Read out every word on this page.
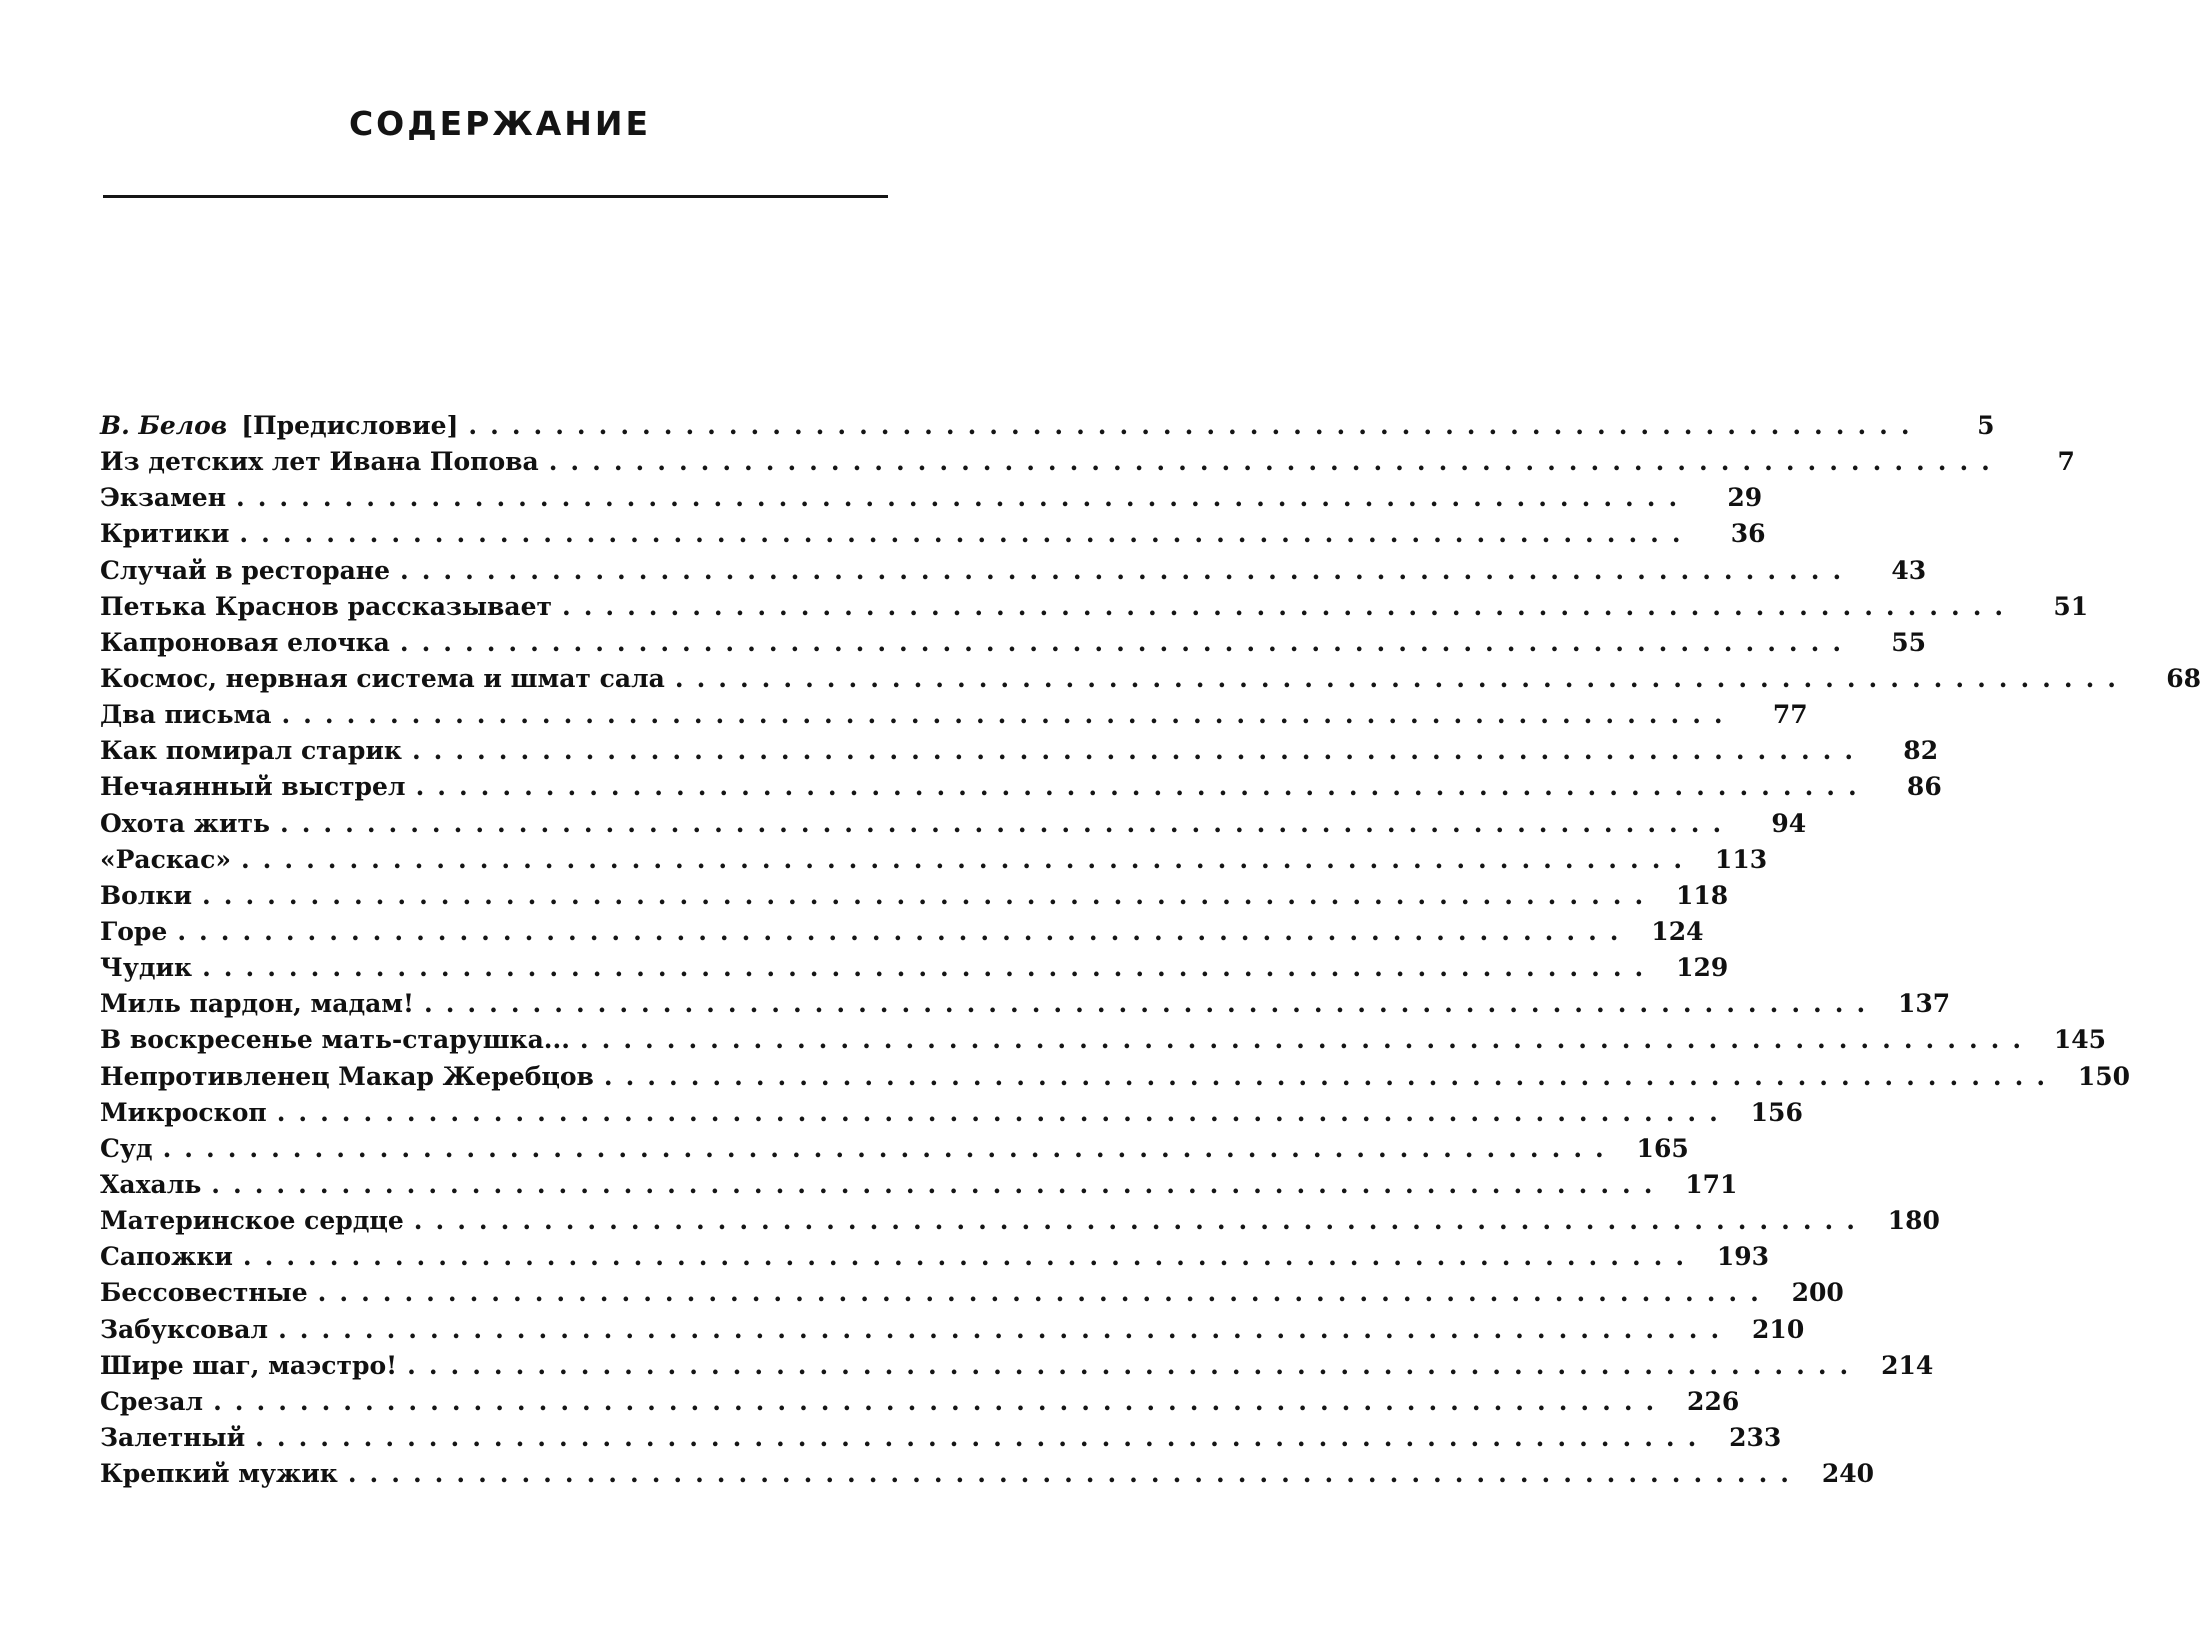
СОДЕРЖАНИЕ
В. Белов [Предисловие] ...................................................................	5
Из детских лет Ивана Попова ...................................................................	7
Экзамен ...................................................................	29
Критики ...................................................................	36
Случай в ресторане ...................................................................	43
Петька Краснов рассказывает ...................................................................	51
Капроновая елочка ...................................................................	55
Космос, нервная система и шмат сала ...................................................................	68
Два письма ...................................................................	77
Как помирал старик ...................................................................	82
Нечаянный выстрел ...................................................................	86
Охота жить ...................................................................	94
«Раскас» ................................................................... 113
Волки ................................................................... 118
Горе ................................................................... 124
Чудик ................................................................... 129
Миль пардон, мадам! ................................................................... 137
В воскресенье мать-старушка... ................................................................... 145
Непротивленец Макар Жеребцов ................................................................... 150
Микроскоп ................................................................... 156
Суд ................................................................... 165
Хахаль ................................................................... 171
Материнское сердце ................................................................... 180
Сапожки ................................................................... 193
Бессовестные ................................................................... 200
Забуксовал ................................................................... 210
Шире шаг, маэстро! ................................................................... 214
Срезал ................................................................... 226
Залетный ................................................................... 233
Крепкий мужик ................................................................... 240
